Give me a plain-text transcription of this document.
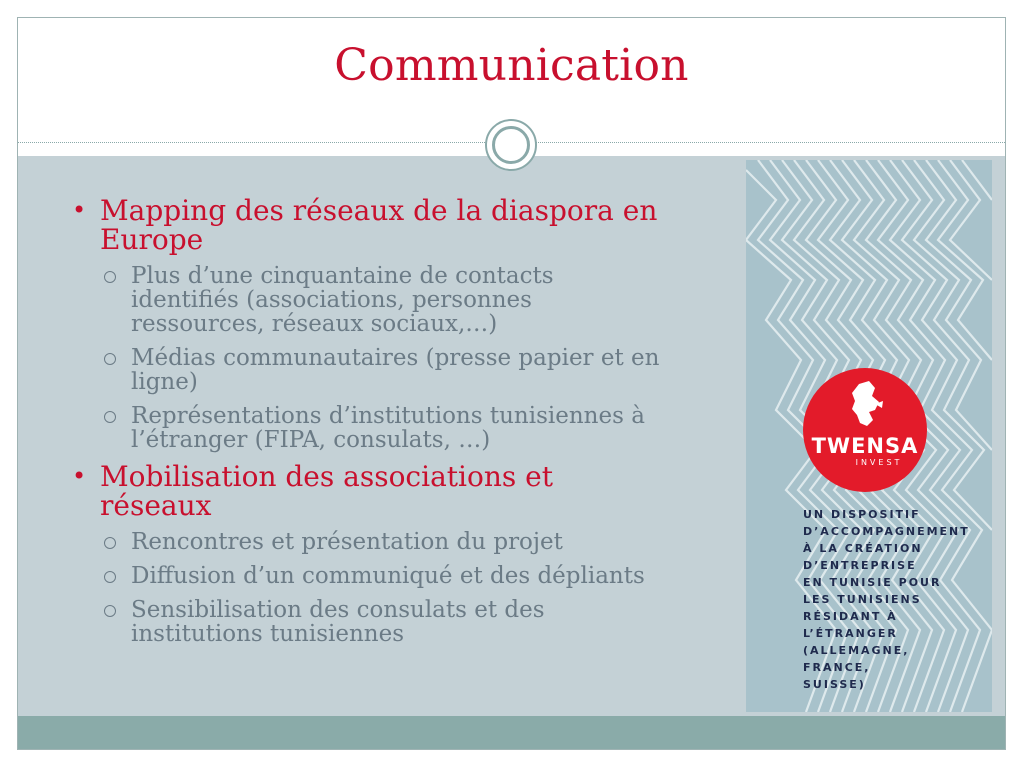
Communication
• Mapping des réseaux de la diaspora en Europe
Plus d’une cinquantaine de contacts identifiés (associations, personnes ressources, réseaux sociaux,…)
Médias communautaires (presse papier et en ligne)
Représentations d’institutions tunisiennes à l’étranger (FIPA, consulats, …)
• Mobilisation des associations et réseaux
Rencontres et présentation du projet
Diffusion d’un communiqué et des dépliants
Sensibilisation des consulats et des institutions tunisiennes
TWENSA
INVEST
UN DISPOSITIF
D’ACCOMPAGNEMENT
À LA CRÉATION
D’ENTREPRISE
EN TUNISIE POUR
LES TUNISIENS
RÉSIDANT À
L’ÉTRANGER
(ALLEMAGNE,
FRANCE,
SUISSE)
